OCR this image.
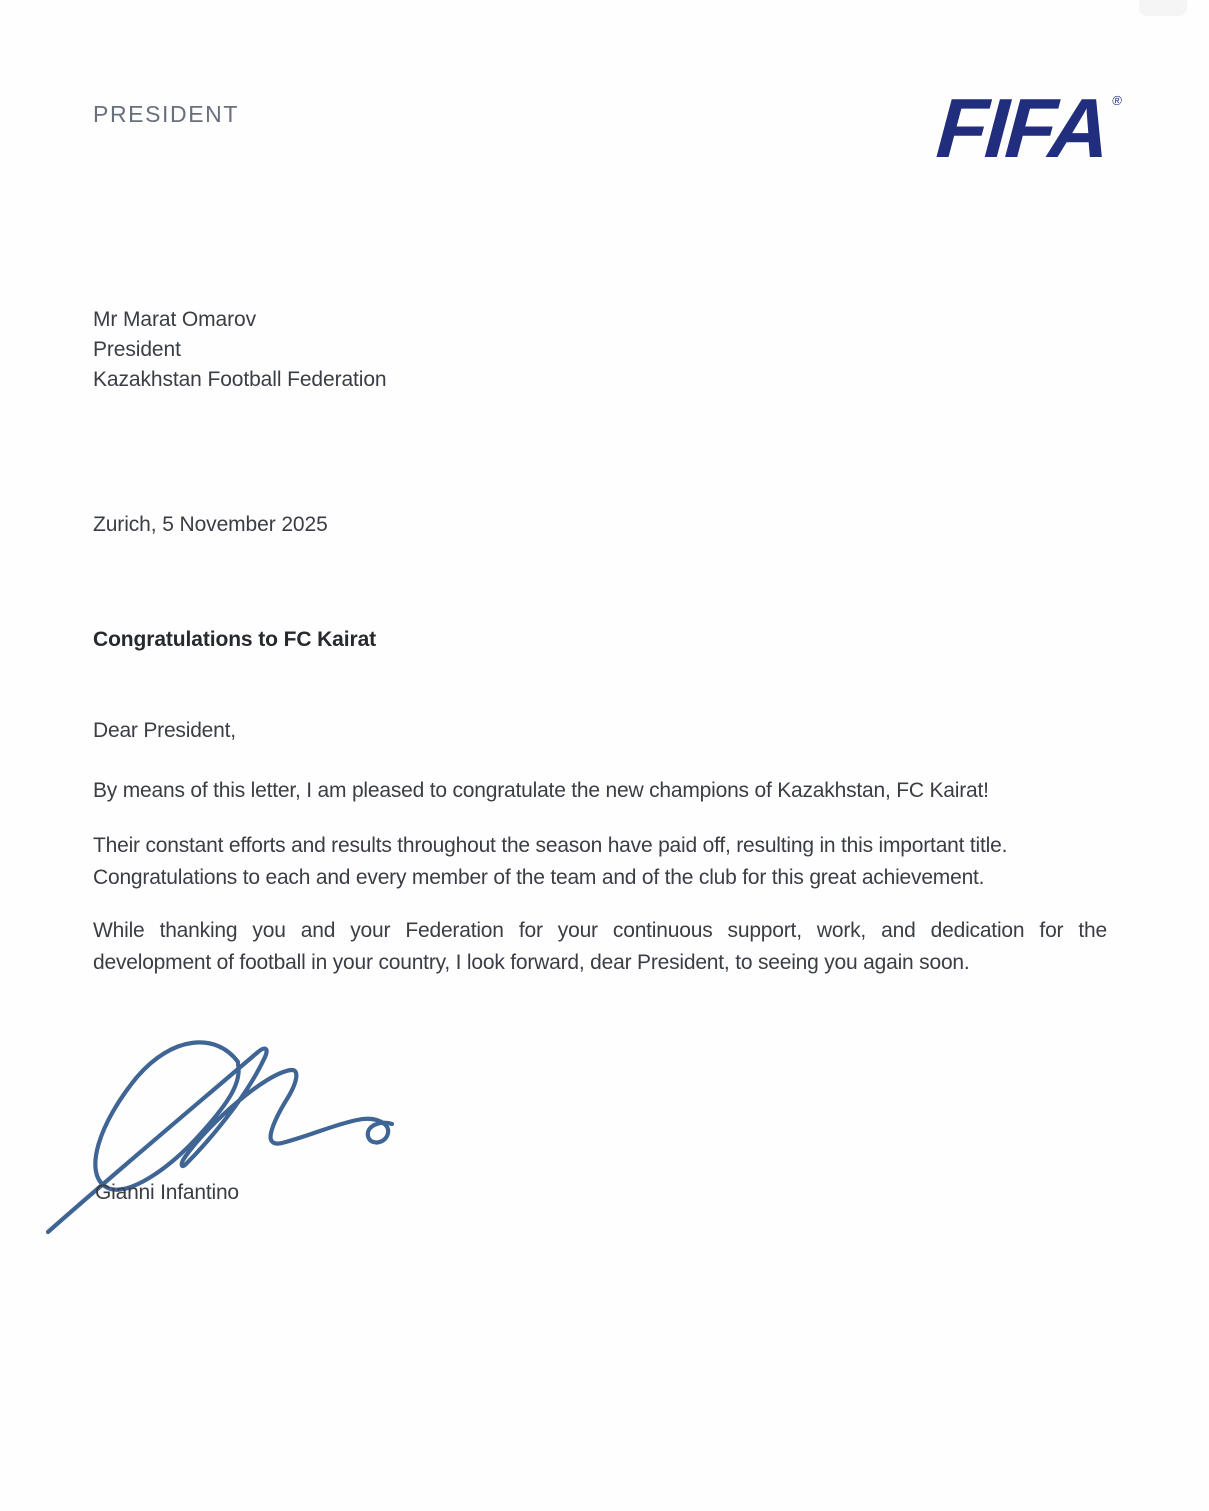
PRESIDENT	FIFA ®
Mr Marat Omarov
President
Kazakhstan Football Federation
Zurich, 5 November 2025
Congratulations to FC Kairat
Dear President,
By means of this letter, I am pleased to congratulate the new champions of Kazakhstan, FC Kairat!
Their constant efforts and results throughout the season have paid off, resulting in this important title.
Congratulations to each and every member of the team and of the club for this great achievement.
While thanking you and your Federation for your continuous support, work, and dedication for the
development of football in your country, I look forward, dear President, to seeing you again soon.
Gianni Infantino
